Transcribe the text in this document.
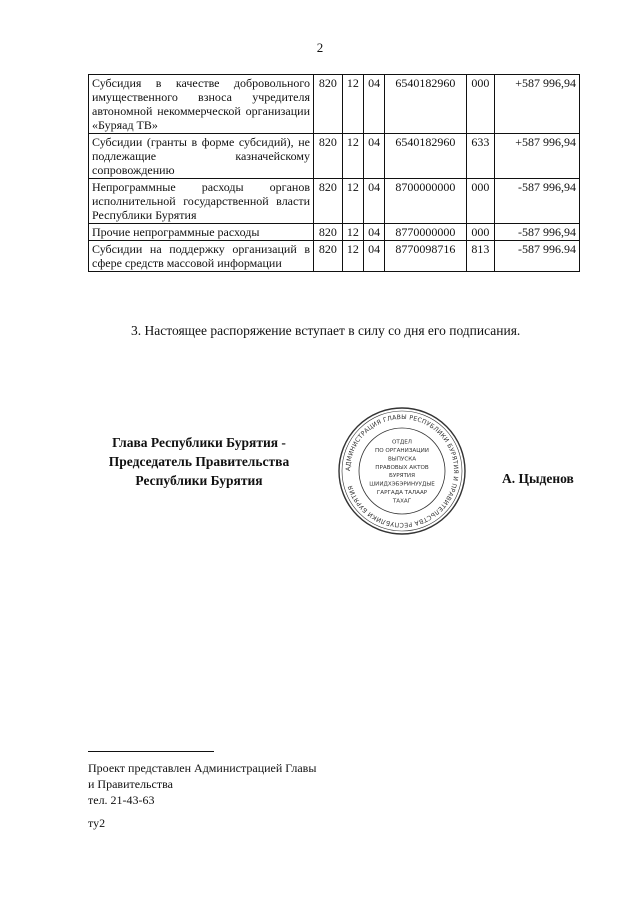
2
Субсидия в качестве добровольного имущественного взноса учредителя автономной некоммерческой организации «Буряад ТВ»	820	12	04	6540182960	000	+587 996,94
Субсидии (гранты в форме субсидий), не подлежащие казначейскому сопровождению	820	12	04	6540182960	633	+587 996,94
Непрограммные расходы органов исполнительной государственной власти Республики Бурятия	820	12	04	8700000000	000	-587 996,94
Прочие непрограммные расходы	820	12	04	8770000000	000	-587 996,94
Субсидии на поддержку организаций в сфере средств массовой информации	820	12	04	8770098716	813	-587 996.94
3. Настоящее распоряжение вступает в силу со дня его подписания.
Глава Республики Бурятия -
Председатель Правительства
Республики Бурятия
АДМИНИСТРАЦИЯ ГЛАВЫ РЕСПУБЛИКИ БУРЯТИЯ И ПРАВИТЕЛЬСТВА РЕСПУБЛИКИ БУРЯТИЯ
ОТДЕЛ
ПО ОРГАНИЗАЦИИ
ВЫПУСКА
ПРАВОВЫХ АКТОВ
БУРЯТИЯ
ШИИДХЭБЭРИНУУДЫЕ
ГАРГАДА ТАЛААР
ТАХАГ
А. Цыденов
Проект представлен Администрацией Главы
и Правительства
тел. 21-43-63
ту2
